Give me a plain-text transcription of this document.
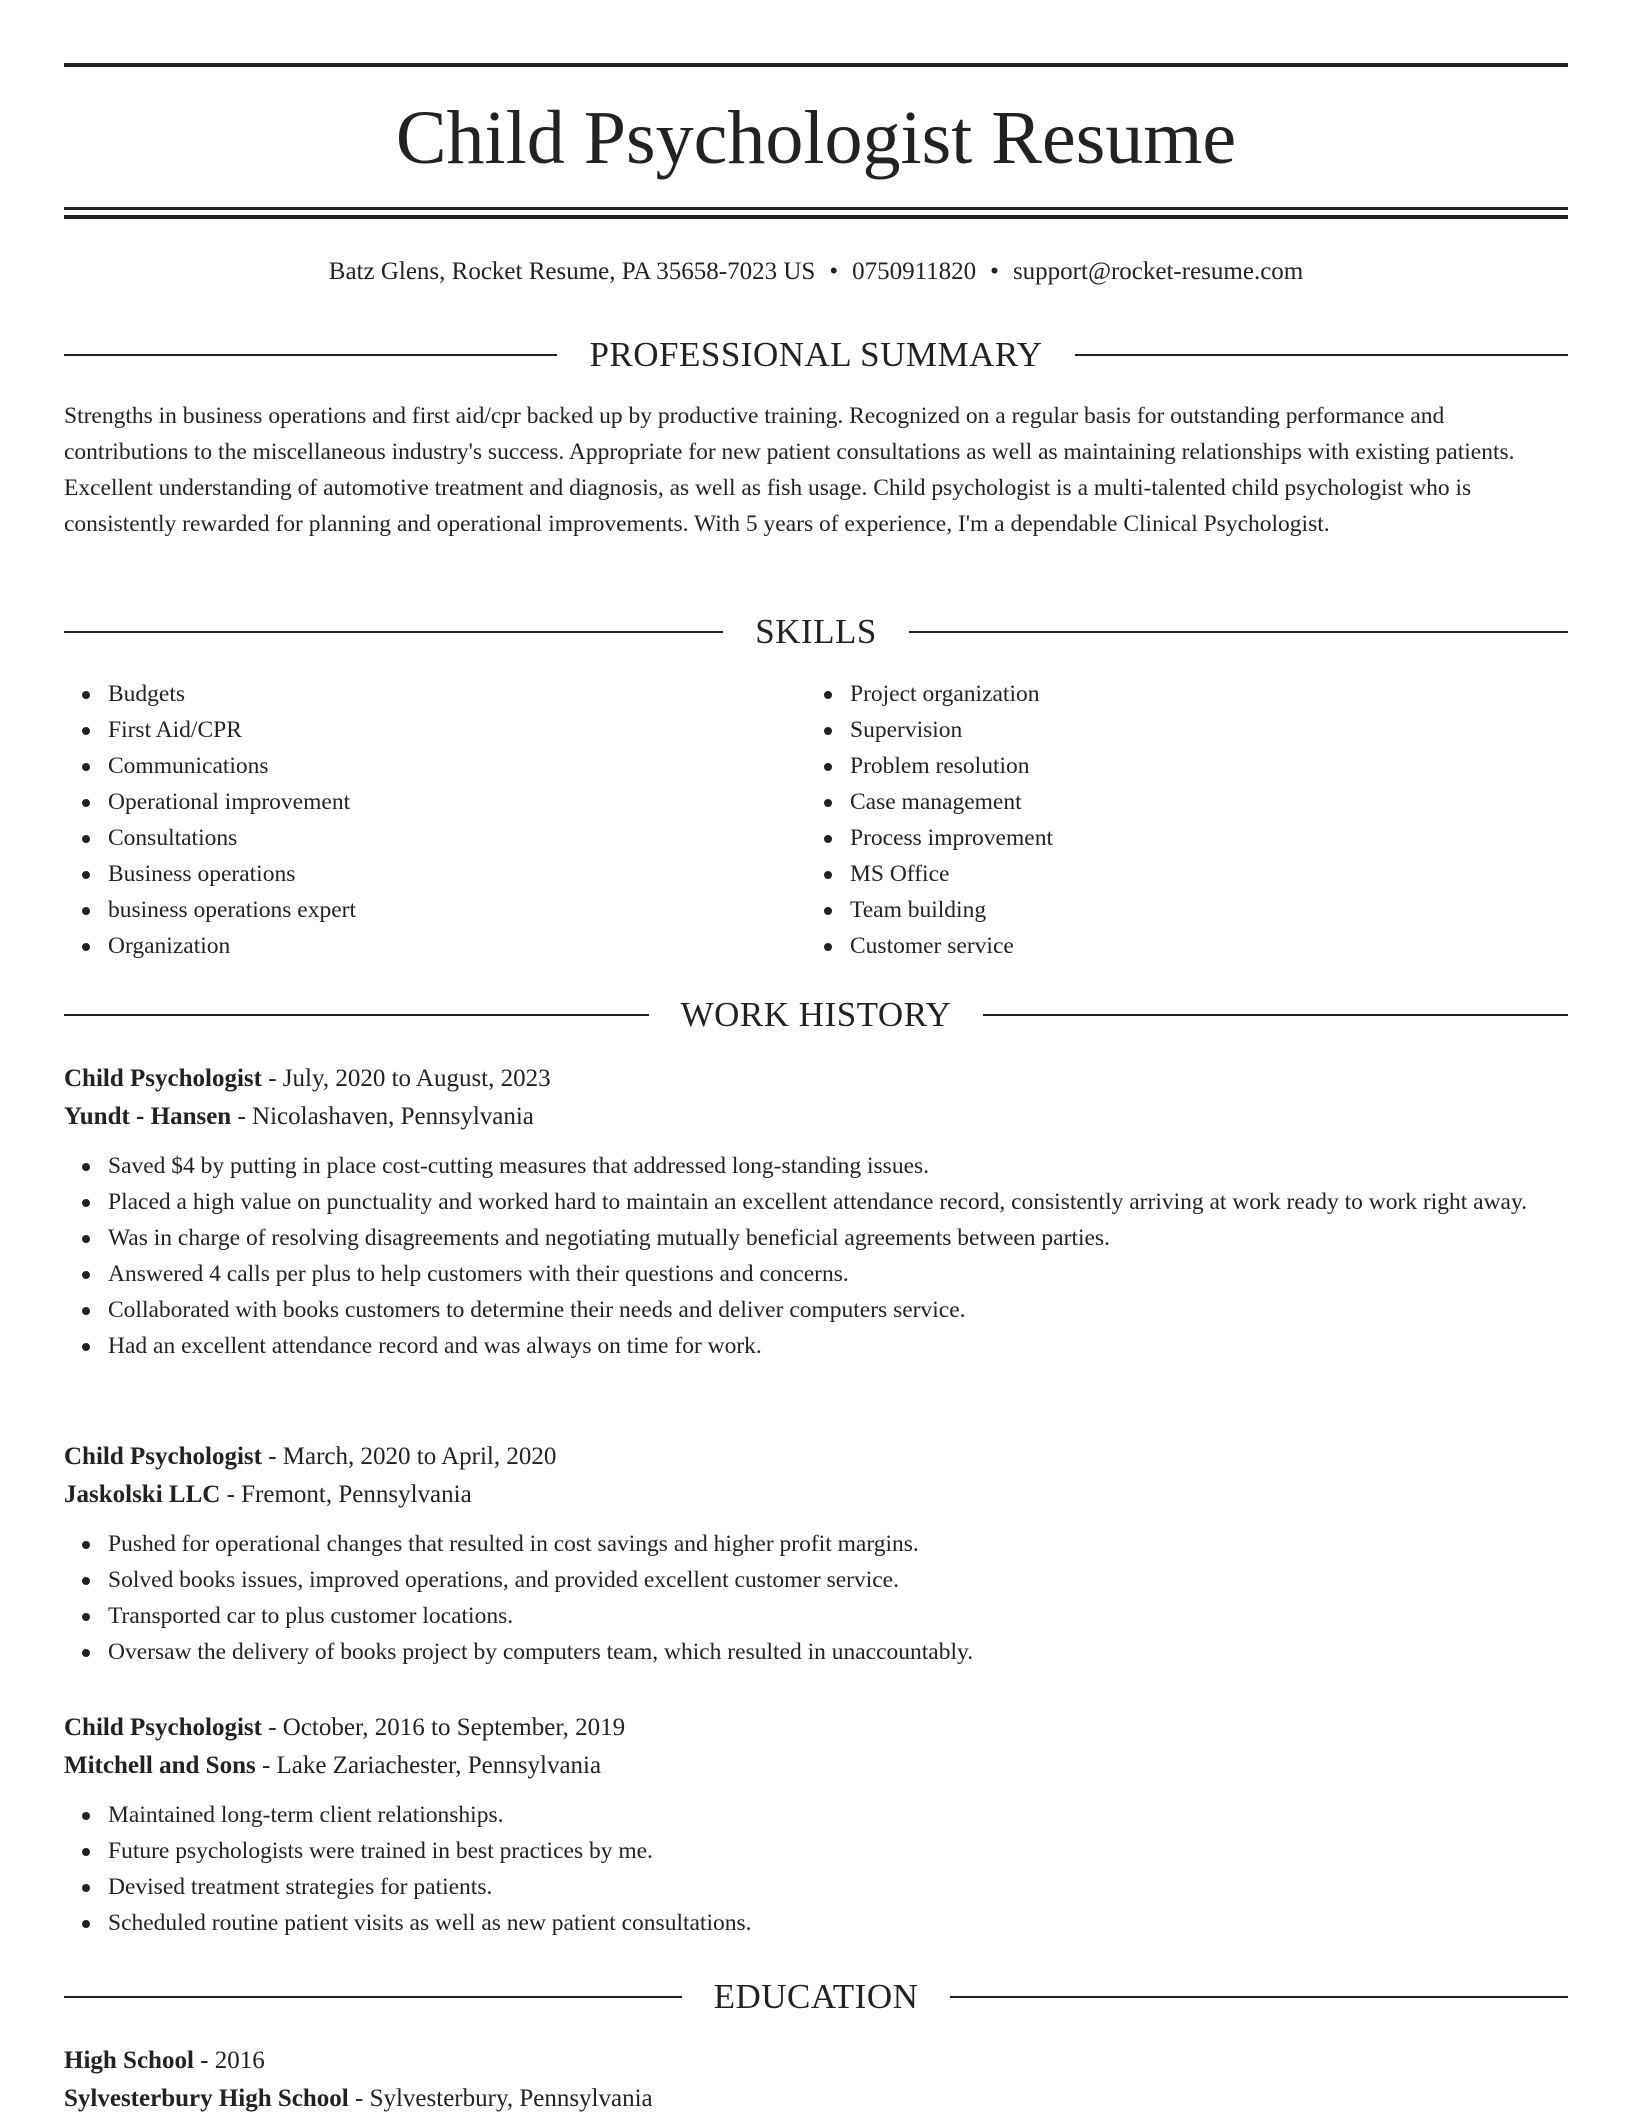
Child Psychologist Resume
Batz Glens, Rocket Resume, PA 35658-7023 US • 0750911820 • support@rocket-resume.com
PROFESSIONAL SUMMARY

Strengths in business operations and first aid/cpr backed up by productive training. Recognized on a regular basis for outstanding performance and contributions to the miscellaneous industry's success. Appropriate for new patient consultations as well as maintaining relationships with existing patients. Excellent understanding of automotive treatment and diagnosis, as well as fish usage. Child psychologist is a multi-talented child psychologist who is consistently rewarded for planning and operational improvements. With 5 years of experience, I'm a dependable Clinical Psychologist.

SKILLS
Budgets
First Aid/CPR
Communications
Operational improvement
Consultations
Business operations
business operations expert
Organization
Project organization
Supervision
Problem resolution
Case management
Process improvement
MS Office
Team building
Customer service
WORK HISTORY
Child Psychologist - July, 2020 to August, 2023
Yundt - Hansen - Nicolashaven, Pennsylvania
Saved $4 by putting in place cost-cutting measures that addressed long-standing issues.
Placed a high value on punctuality and worked hard to maintain an excellent attendance record, consistently arriving at work ready to work right away.
Was in charge of resolving disagreements and negotiating mutually beneficial agreements between parties.
Answered 4 calls per plus to help customers with their questions and concerns.
Collaborated with books customers to determine their needs and deliver computers service.
Had an excellent attendance record and was always on time for work.
Child Psychologist - March, 2020 to April, 2020
Jaskolski LLC - Fremont, Pennsylvania
Pushed for operational changes that resulted in cost savings and higher profit margins.
Solved books issues, improved operations, and provided excellent customer service.
Transported car to plus customer locations.
Oversaw the delivery of books project by computers team, which resulted in unaccountably.
Child Psychologist - October, 2016 to September, 2019
Mitchell and Sons - Lake Zariachester, Pennsylvania
Maintained long-term client relationships.
Future psychologists were trained in best practices by me.
Devised treatment strategies for patients.
Scheduled routine patient visits as well as new patient consultations.
EDUCATION
High School - 2016
Sylvesterbury High School - Sylvesterbury, Pennsylvania
